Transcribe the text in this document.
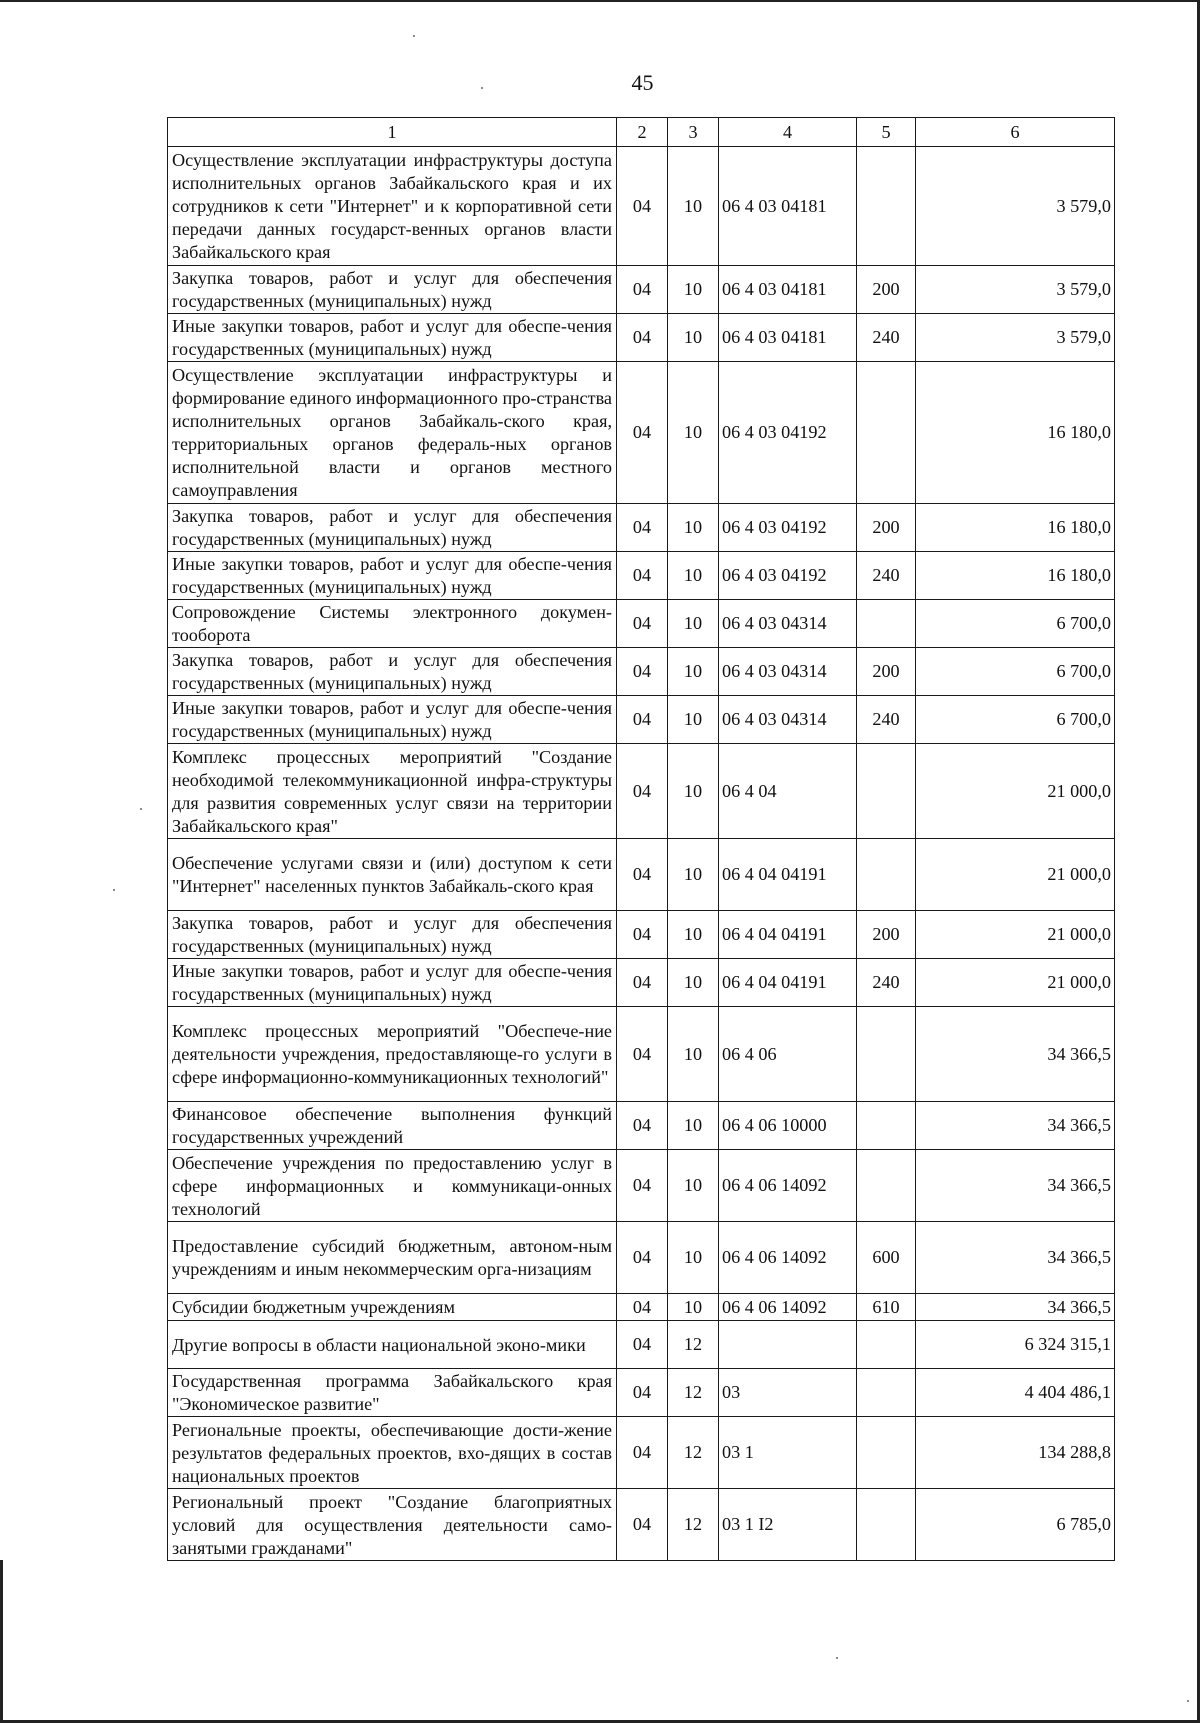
45
1	2	3	4	5	6
Осуществление эксплуатации инфраструктуры доступа исполнительных органов Забайкальского края и их сотрудников к сети "Интернет" и к корпоративной сети передачи данных государст-венных органов власти Забайкальского края	04	10	06 4 03 04181		3 579,0
Закупка товаров, работ и услуг для обеспечения государственных (муниципальных) нужд	04	10	06 4 03 04181	200	3 579,0
Иные закупки товаров, работ и услуг для обеспе-чения государственных (муниципальных) нужд	04	10	06 4 03 04181	240	3 579,0
Осуществление эксплуатации инфраструктуры и формирование единого информационного про-странства исполнительных органов Забайкаль-ского края, территориальных органов федераль-ных органов исполнительной власти и органов местного самоуправления	04	10	06 4 03 04192		16 180,0
Закупка товаров, работ и услуг для обеспечения государственных (муниципальных) нужд	04	10	06 4 03 04192	200	16 180,0
Иные закупки товаров, работ и услуг для обеспе-чения государственных (муниципальных) нужд	04	10	06 4 03 04192	240	16 180,0
Сопровождение Системы электронного докумен-тооборота	04	10	06 4 03 04314		6 700,0
Закупка товаров, работ и услуг для обеспечения государственных (муниципальных) нужд	04	10	06 4 03 04314	200	6 700,0
Иные закупки товаров, работ и услуг для обеспе-чения государственных (муниципальных) нужд	04	10	06 4 03 04314	240	6 700,0
Комплекс процессных мероприятий "Создание необходимой телекоммуникационной инфра-структуры для развития современных услуг связи на территории Забайкальского края"	04	10	06 4 04		21 000,0
Обеспечение услугами связи и (или) доступом к сети "Интернет" населенных пунктов Забайкаль-ского края	04	10	06 4 04 04191		21 000,0
Закупка товаров, работ и услуг для обеспечения государственных (муниципальных) нужд	04	10	06 4 04 04191	200	21 000,0
Иные закупки товаров, работ и услуг для обеспе-чения государственных (муниципальных) нужд	04	10	06 4 04 04191	240	21 000,0
Комплекс процессных мероприятий "Обеспече-ние деятельности учреждения, предоставляюще-го услуги в сфере информационно-коммуникационных технологий"	04	10	06 4 06		34 366,5
Финансовое обеспечение выполнения функций государственных учреждений	04	10	06 4 06 10000		34 366,5
Обеспечение учреждения по предоставлению услуг в сфере информационных и коммуникаци-онных технологий	04	10	06 4 06 14092		34 366,5
Предоставление субсидий бюджетным, автоном-ным учреждениям и иным некоммерческим орга-низациям	04	10	06 4 06 14092	600	34 366,5
Субсидии бюджетным учреждениям	04	10	06 4 06 14092	610	34 366,5
Другие вопросы в области национальной эконо-мики	04	12			6 324 315,1
Государственная программа Забайкальского края "Экономическое развитие"	04	12	03		4 404 486,1
Региональные проекты, обеспечивающие дости-жение результатов федеральных проектов, вхо-дящих в состав национальных проектов	04	12	03 1		134 288,8
Региональный проект "Создание благоприятных условий для осуществления деятельности само-занятыми гражданами"	04	12	03 1 I2		6 785,0
